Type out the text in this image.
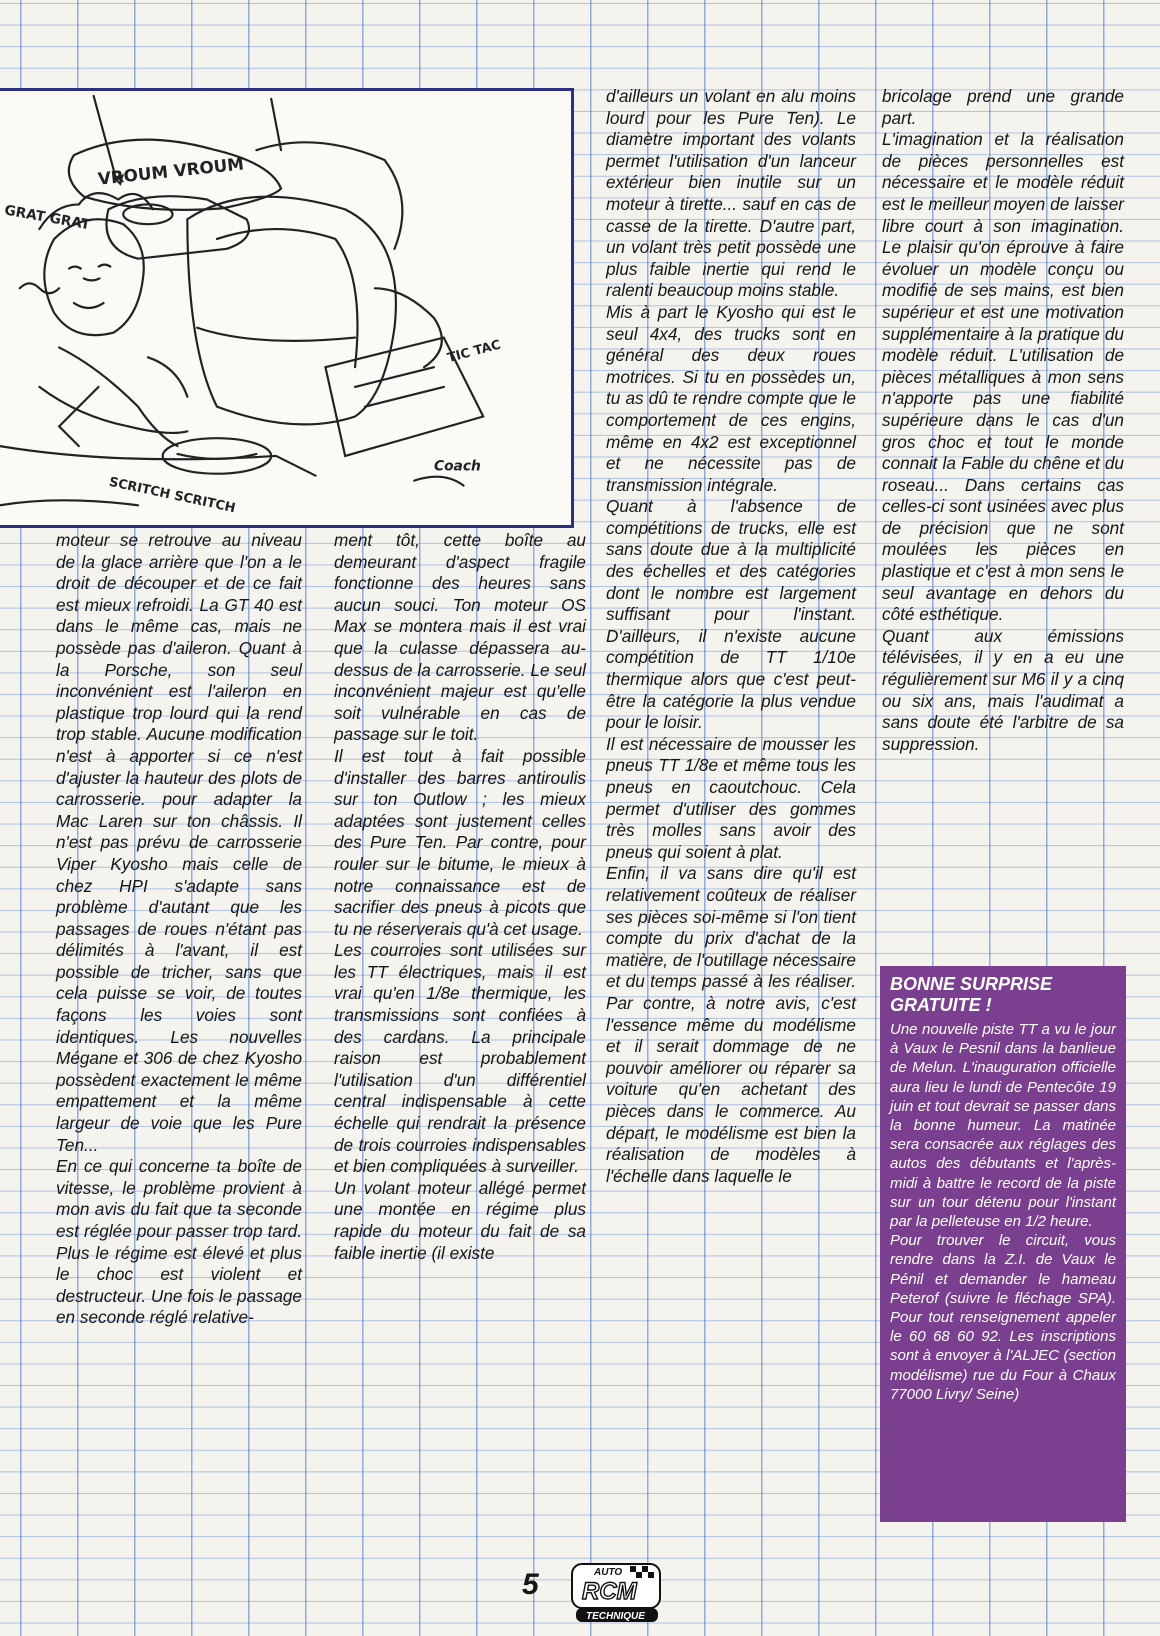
VROUM VROUM
GRAT GRAT
TIC TAC
SCRITCH SCRITCH
Coach

moteur se retrouve au niveau de la glace arrière que l'on a le droit de découper et de ce fait est mieux refroidi. La GT 40 est dans le même cas, mais ne possède pas d'aileron. Quant à la Porsche, son seul inconvénient est l'aileron en plastique trop lourd qui la rend trop stable. Aucune modification n'est à apporter si ce n'est d'ajuster la hauteur des plots de carrosserie. pour adapter la Mac Laren sur ton châssis. Il n'est pas prévu de carrosserie Viper Kyosho mais celle de chez HPI s'adapte sans problème d'autant que les passages de roues n'étant pas délimités à l'avant, il est possible de tricher, sans que cela puisse se voir, de toutes façons les voies sont identiques. Les nouvelles Mégane et 306 de chez Kyosho possèdent exactement le même empattement et la même largeur de voie que les Pure Ten...

En ce qui concerne ta boîte de vitesse, le problème provient à mon avis du fait que ta seconde est réglée pour passer trop tard. Plus le régime est élevé et plus le choc est violent et destructeur. Une fois le passage en seconde réglé relative-

ment tôt, cette boîte au demeurant d'aspect fragile fonctionne des heures sans aucun souci. Ton moteur OS Max se montera mais il est vrai que la culasse dépassera au-dessus de la carrosserie. Le seul inconvénient majeur est qu'elle soit vulnérable en cas de passage sur le toit.

Il est tout à fait possible d'installer des barres antiroulis sur ton Outlow ; les mieux adaptées sont justement celles des Pure Ten. Par contre, pour rouler sur le bitume, le mieux à notre connaissance est de sacrifier des pneus à picots que tu ne réserverais qu'à cet usage.

Les courroies sont utilisées sur les TT électriques, mais il est vrai qu'en 1/8e thermique, les transmissions sont confiées à des cardans. La principale raison est probablement l'utilisation d'un différentiel central indispensable à cette échelle qui rendrait la présence de trois courroies indispensables et bien compliquées à surveiller.

Un volant moteur allégé permet une montée en régime plus rapide du moteur du fait de sa faible inertie (il existe

d'ailleurs un volant en alu moins lourd pour les Pure Ten). Le diamètre important des volants permet l'utilisation d'un lanceur extérieur bien inutile sur un moteur à tirette... sauf en cas de casse de la tirette. D'autre part, un volant très petit possède une plus faible inertie qui rend le ralenti beaucoup moins stable.

Mis à part le Kyosho qui est le seul 4x4, des trucks sont en général des deux roues motrices. Si tu en possèdes un, tu as dû te rendre compte que le comportement de ces engins, même en 4x2 est exceptionnel et ne nécessite pas de transmission intégrale.

Quant à l'absence de compétitions de trucks, elle est sans doute due à la multiplicité des échelles et des catégories dont le nombre est largement suffisant pour l'instant. D'ailleurs, il n'existe aucune compétition de TT 1/10e thermique alors que c'est peut-être la catégorie la plus vendue pour le loisir.

Il est nécessaire de mousser les pneus TT 1/8e et même tous les pneus en caoutchouc. Cela permet d'utiliser des gommes très molles sans avoir des pneus qui soient à plat.

Enfin, il va sans dire qu'il est relativement coûteux de réaliser ses pièces soi-même si l'on tient compte du prix d'achat de la matière, de l'outillage nécessaire et du temps passé à les réaliser. Par contre, à notre avis, c'est l'essence même du modélisme et il serait dommage de ne pouvoir améliorer ou réparer sa voiture qu'en achetant des pièces dans le commerce. Au départ, le modélisme est bien la réalisation de modèles à l'échelle dans laquelle le

bricolage prend une grande part.

L'imagination et la réalisation de pièces personnelles est nécessaire et le modèle réduit est le meilleur moyen de laisser libre court à son imagination. Le plaisir qu'on éprouve à faire évoluer un modèle conçu ou modifié de ses mains, est bien supérieur et est une motivation supplémentaire à la pratique du modèle réduit. L'utilisation de pièces métalliques à mon sens n'apporte pas une fiabilité supérieure dans le cas d'un gros choc et tout le monde connait la Fable du chêne et du roseau... Dans certains cas celles-ci sont usinées avec plus de précision que ne sont moulées les pièces en plastique et c'est à mon sens le seul avantage en dehors du côté esthétique.

Quant aux émissions télévisées, il y en a eu une régulièrement sur M6 il y a cinq ou six ans, mais l'audimat a sans doute été l'arbitre de sa suppression.

BONNE SURPRISE GRATUITE !

Une nouvelle piste TT a vu le jour à Vaux le Pesnil dans la banlieue de Melun. L'inauguration officielle aura lieu le lundi de Pentecôte 19 juin et tout devrait se passer dans la bonne humeur. La matinée sera consacrée aux réglages des autos des débutants et l'après-midi à battre le record de la piste sur un tour détenu pour l'instant par la pelleteuse en 1/2 heure.

Pour trouver le circuit, vous rendre dans la Z.I. de Vaux le Pénil et demander le hameau Peterof (suivre le fléchage SPA). Pour tout renseignement appeler le 60 68 60 92. Les inscriptions sont à envoyer à l'ALJEC (section modélisme) rue du Four à Chaux 77000 Livry/ Seine)

5	AUTO
RCM
TECHNIQUE
